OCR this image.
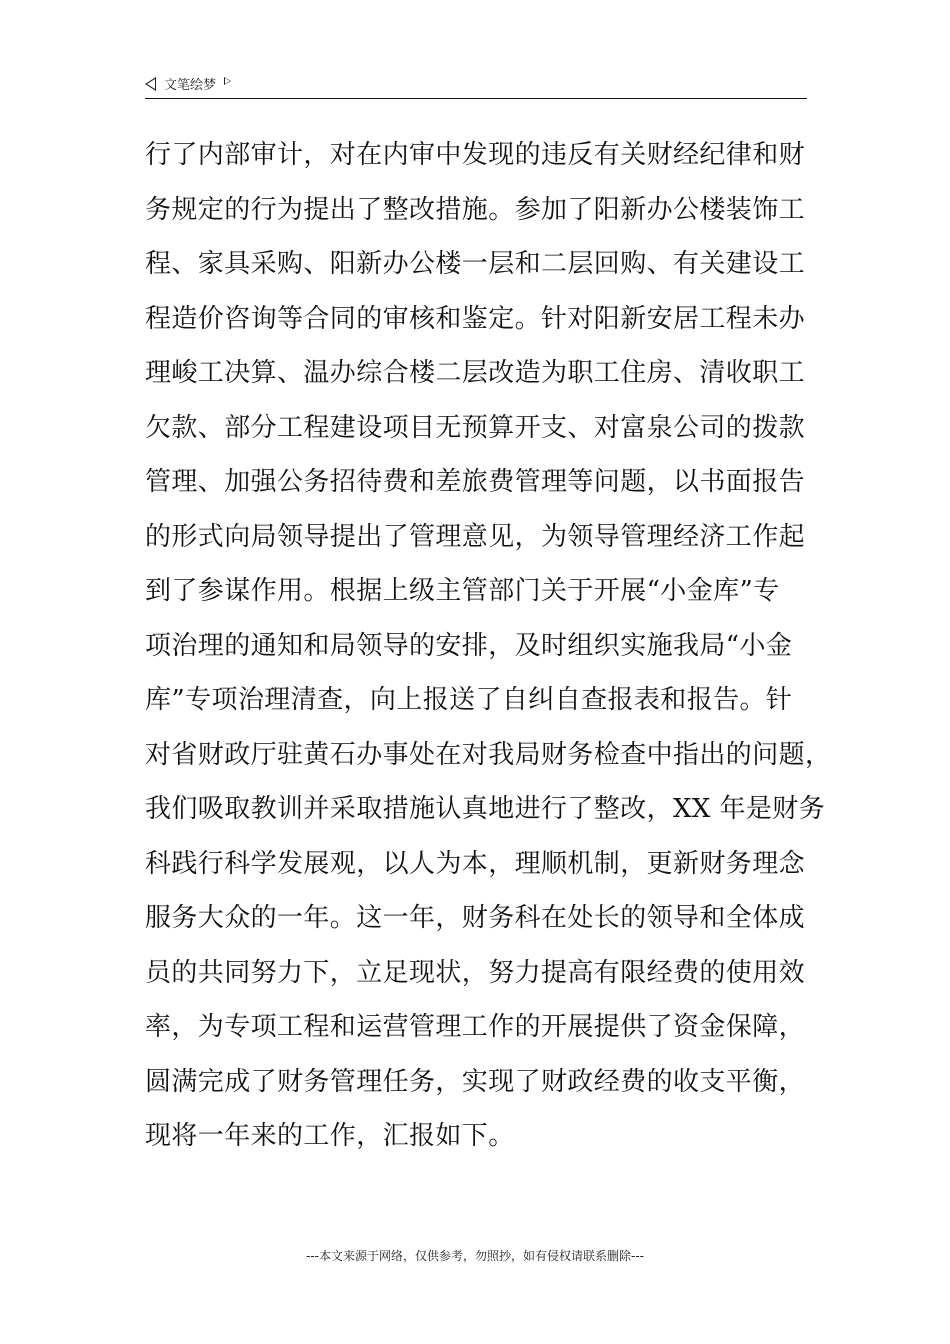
文笔绘梦
行了内部审计，对在内审中发现的违反有关财经纪律和财
务规定的行为提出了整改措施。参加了阳新办公楼装饰工
程、家具采购、阳新办公楼一层和二层回购、有关建设工
程造价咨询等合同的审核和鉴定。针对阳新安居工程未办
理峻工决算、温办综合楼二层改造为职工住房、清收职工
欠款、部分工程建设项目无预算开支、对富泉公司的拨款
管理、加强公务招待费和差旅费管理等问题，以书面报告
的形式向局领导提出了管理意见，为领导管理经济工作起
到了参谋作用。根据上级主管部门关于开展“小金库”专
项治理的通知和局领导的安排，及时组织实施我局“小金
库”专项治理清查，向上报送了自纠自查报表和报告。针
对省财政厅驻黄石办事处在对我局财务检查中指出的问题，
我们吸取教训并采取措施认真地进行了整改，XX 年是财务
科践行科学发展观，以人为本，理顺机制，更新财务理念
服务大众的一年。这一年，财务科在处长的领导和全体成
员的共同努力下，立足现状，努力提高有限经费的使用效
率，为专项工程和运营管理工作的开展提供了资金保障，
圆满完成了财务管理任务，实现了财政经费的收支平衡，
现将一年来的工作，汇报如下。
---本文来源于网络，仅供参考，勿照抄，如有侵权请联系删除---
